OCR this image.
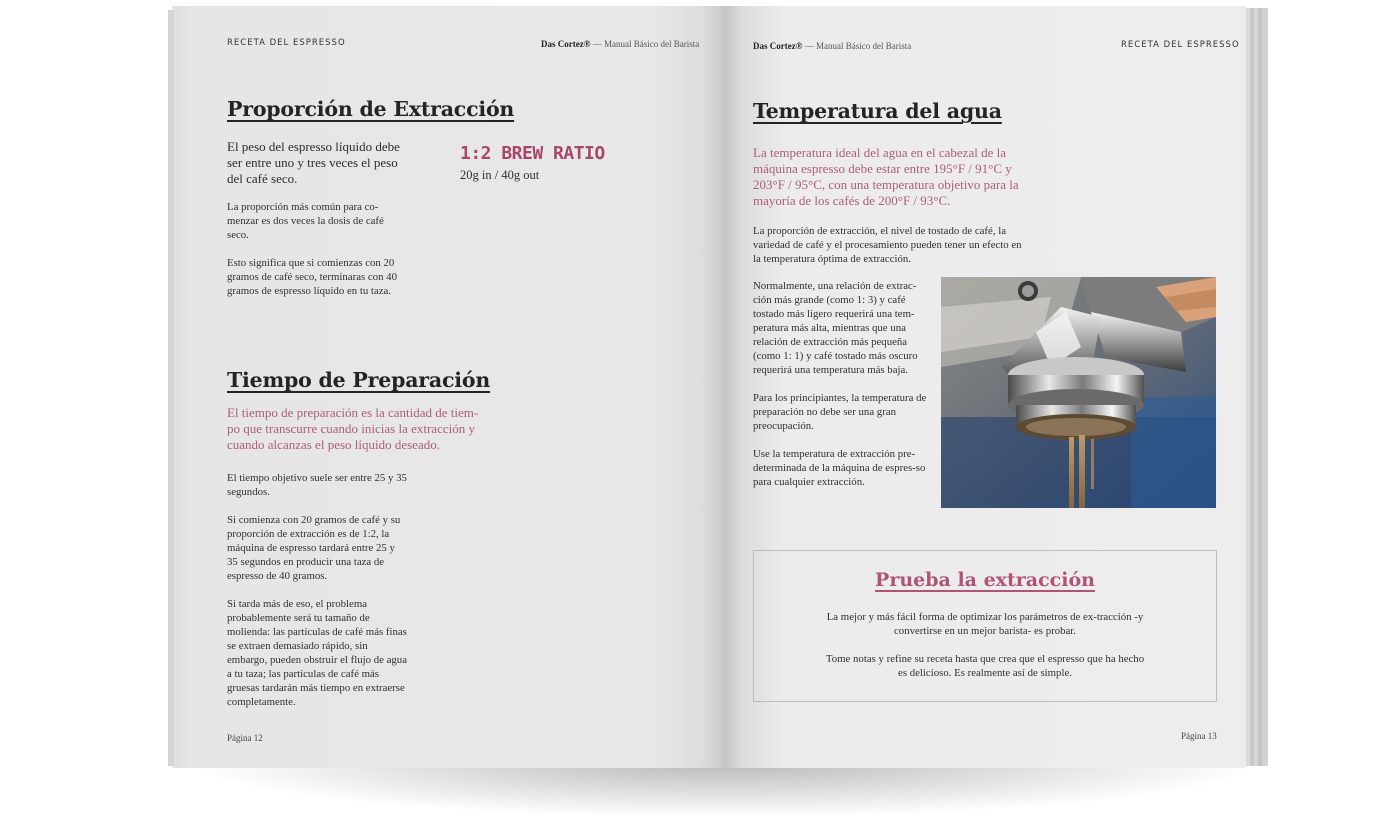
RECETA DEL ESPRESSO	Das Cortez® — Manual Básico del Barista
Proporción de Extracción
El peso del espresso líquido debe ser entre uno y tres veces el peso del café seco.
1:2 BREW RATIO
20g in / 40g out

La proporción más común para co-menzar es dos veces la dosis de café seco.

Esto significa que si comienzas con 20 gramos de café seco, terminaras con 40 gramos de espresso líquido en tu taza.

Tiempo de Preparación
El tiempo de preparación es la cantidad de tiem-po que transcurre cuando inicias la extracción y cuando alcanzas el peso líquido deseado.

El tiempo objetivo suele ser entre 25 y 35 segundos.

Si comienza con 20 gramos de café y su proporción de extracción es de 1:2, la máquina de espresso tardará entre 25 y 35 segundos en producir una taza de espresso de 40 gramos.

Si tarda más de eso, el problema probablemente será tu tamaño de molienda: las partículas de café más finas se extraen demasiado rápido, sin embargo, pueden obstruir el flujo de agua a tu taza; las partículas de café más gruesas tardarán más tiempo en extraerse completamente.

Página 12
Das Cortez® — Manual Básico del Barista	RECETA DEL ESPRESSO
Temperatura del agua
La temperatura ideal del agua en el cabezal de la máquina espresso debe estar entre 195°F / 91°C y 203°F / 95°C, con una temperatura objetivo para la mayoría de los cafés de 200°F / 93°C.
La proporción de extracción, el nivel de tostado de café, la variedad de café y el procesamiento pueden tener un efecto en la temperatura óptima de extracción.

Normalmente, una relación de extrac-ción más grande (como 1: 3) y café tostado más ligero requerirá una tem-peratura más alta, mientras que una relación de extracción más pequeña (como 1: 1) y café tostado más oscuro requerirá una temperatura más baja.

Para los principiantes, la temperatura de preparación no debe ser una gran preocupación.

Use la temperatura de extracción pre-determinada de la máquina de espres-so para cualquier extracción.

Prueba la extracción
La mejor y más fácil forma de optimizar los parámetros de ex-tracción -y convertirse en un mejor barista- es probar.
Tome notas y refine su receta hasta que crea que el espresso que ha hecho es delicioso. Es realmente así de simple.
Página 13
